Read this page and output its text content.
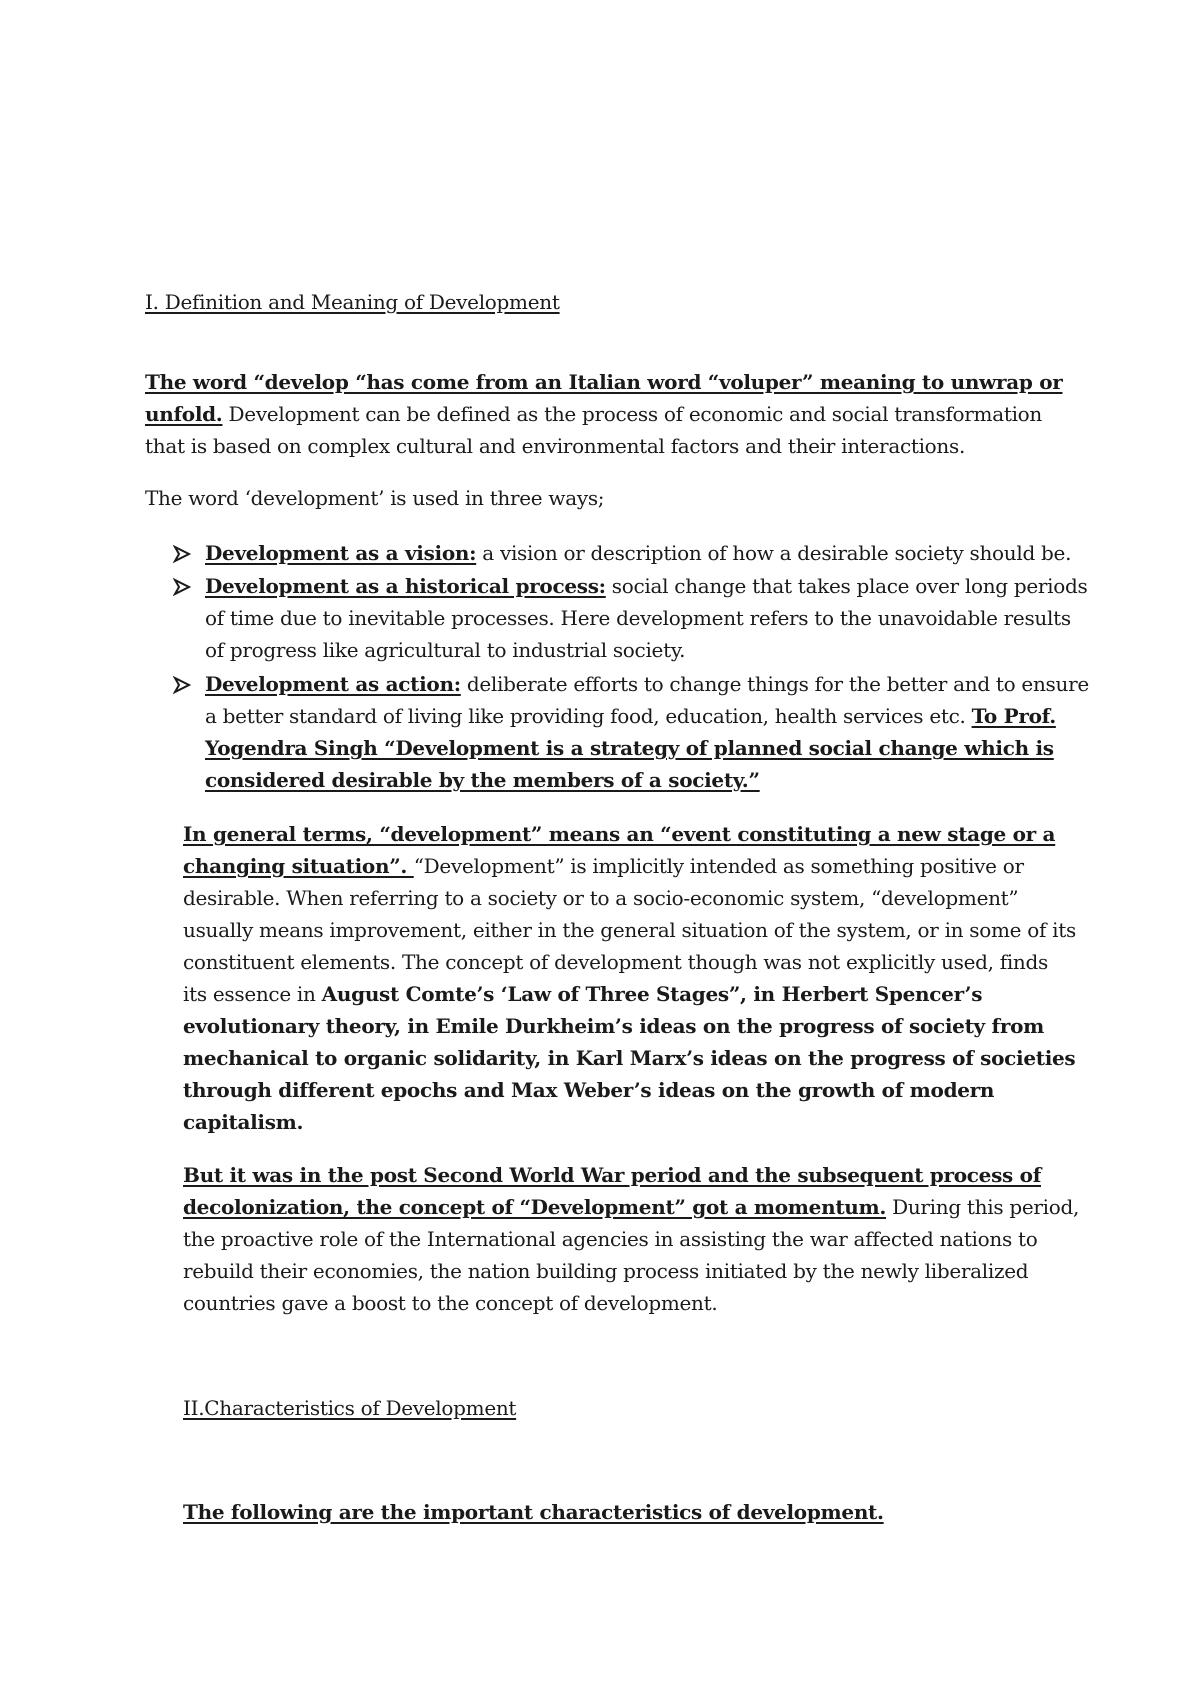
I. Definition and Meaning of Development
The word “develop “has come from an Italian word “voluper” meaning to unwrap or
unfold. Development can be defined as the process of economic and social transformation
that is based on complex cultural and environmental factors and their interactions.
The word ‘development’ is used in three ways;
Development as a vision: a vision or description of how a desirable society should be.
Development as a historical process: social change that takes place over long periods
of time due to inevitable processes. Here development refers to the unavoidable results
of progress like agricultural to industrial society.
Development as action: deliberate efforts to change things for the better and to ensure
a better standard of living like providing food, education, health services etc. To Prof.
Yogendra Singh “Development is a strategy of planned social change which is
considered desirable by the members of a society.”
In general terms, “development” means an “event constituting a new stage or a
changing situation”. “Development” is implicitly intended as something positive or
desirable. When referring to a society or to a socio-economic system, “development”
usually means improvement, either in the general situation of the system, or in some of its
constituent elements. The concept of development though was not explicitly used, finds
its essence in August Comte’s ‘Law of Three Stages”, in Herbert Spencer’s
evolutionary theory, in Emile Durkheim’s ideas on the progress of society from
mechanical to organic solidarity, in Karl Marx’s ideas on the progress of societies
through different epochs and Max Weber’s ideas on the growth of modern
capitalism.
But it was in the post Second World War period and the subsequent process of
decolonization, the concept of “Development” got a momentum. During this period,
the proactive role of the International agencies in assisting the war affected nations to
rebuild their economies, the nation building process initiated by the newly liberalized
countries gave a boost to the concept of development.
II.Characteristics of Development
The following are the important characteristics of development.
